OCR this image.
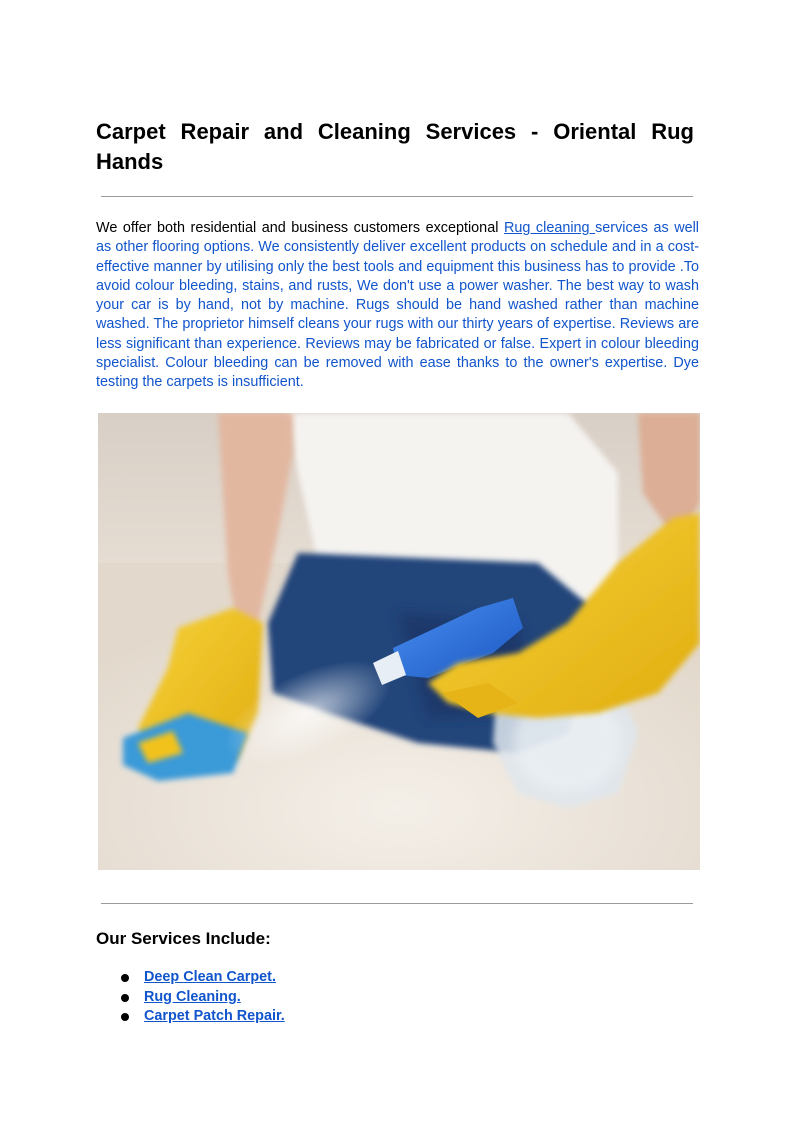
Carpet Repair and Cleaning Services - Oriental Rug
Hands

We offer both residential and business customers exceptional Rug cleaning services as well as other flooring options. We consistently deliver excellent products on schedule and in a cost-effective manner by utilising only the best tools and equipment this business has to provide .To avoid colour bleeding, stains, and rusts, We don't use a power washer. The best way to wash your car is by hand, not by machine. Rugs should be hand washed rather than machine washed. The proprietor himself cleans your rugs with our thirty years of expertise. Reviews are less significant than experience. Reviews may be fabricated or false. Expert in colour bleeding specialist. Colour bleeding can be removed with ease thanks to the owner's expertise. Dye testing the carpets is insufficient.

Our Services Include:
Deep Clean Carpet.
Rug Cleaning.
Carpet Patch Repair.
